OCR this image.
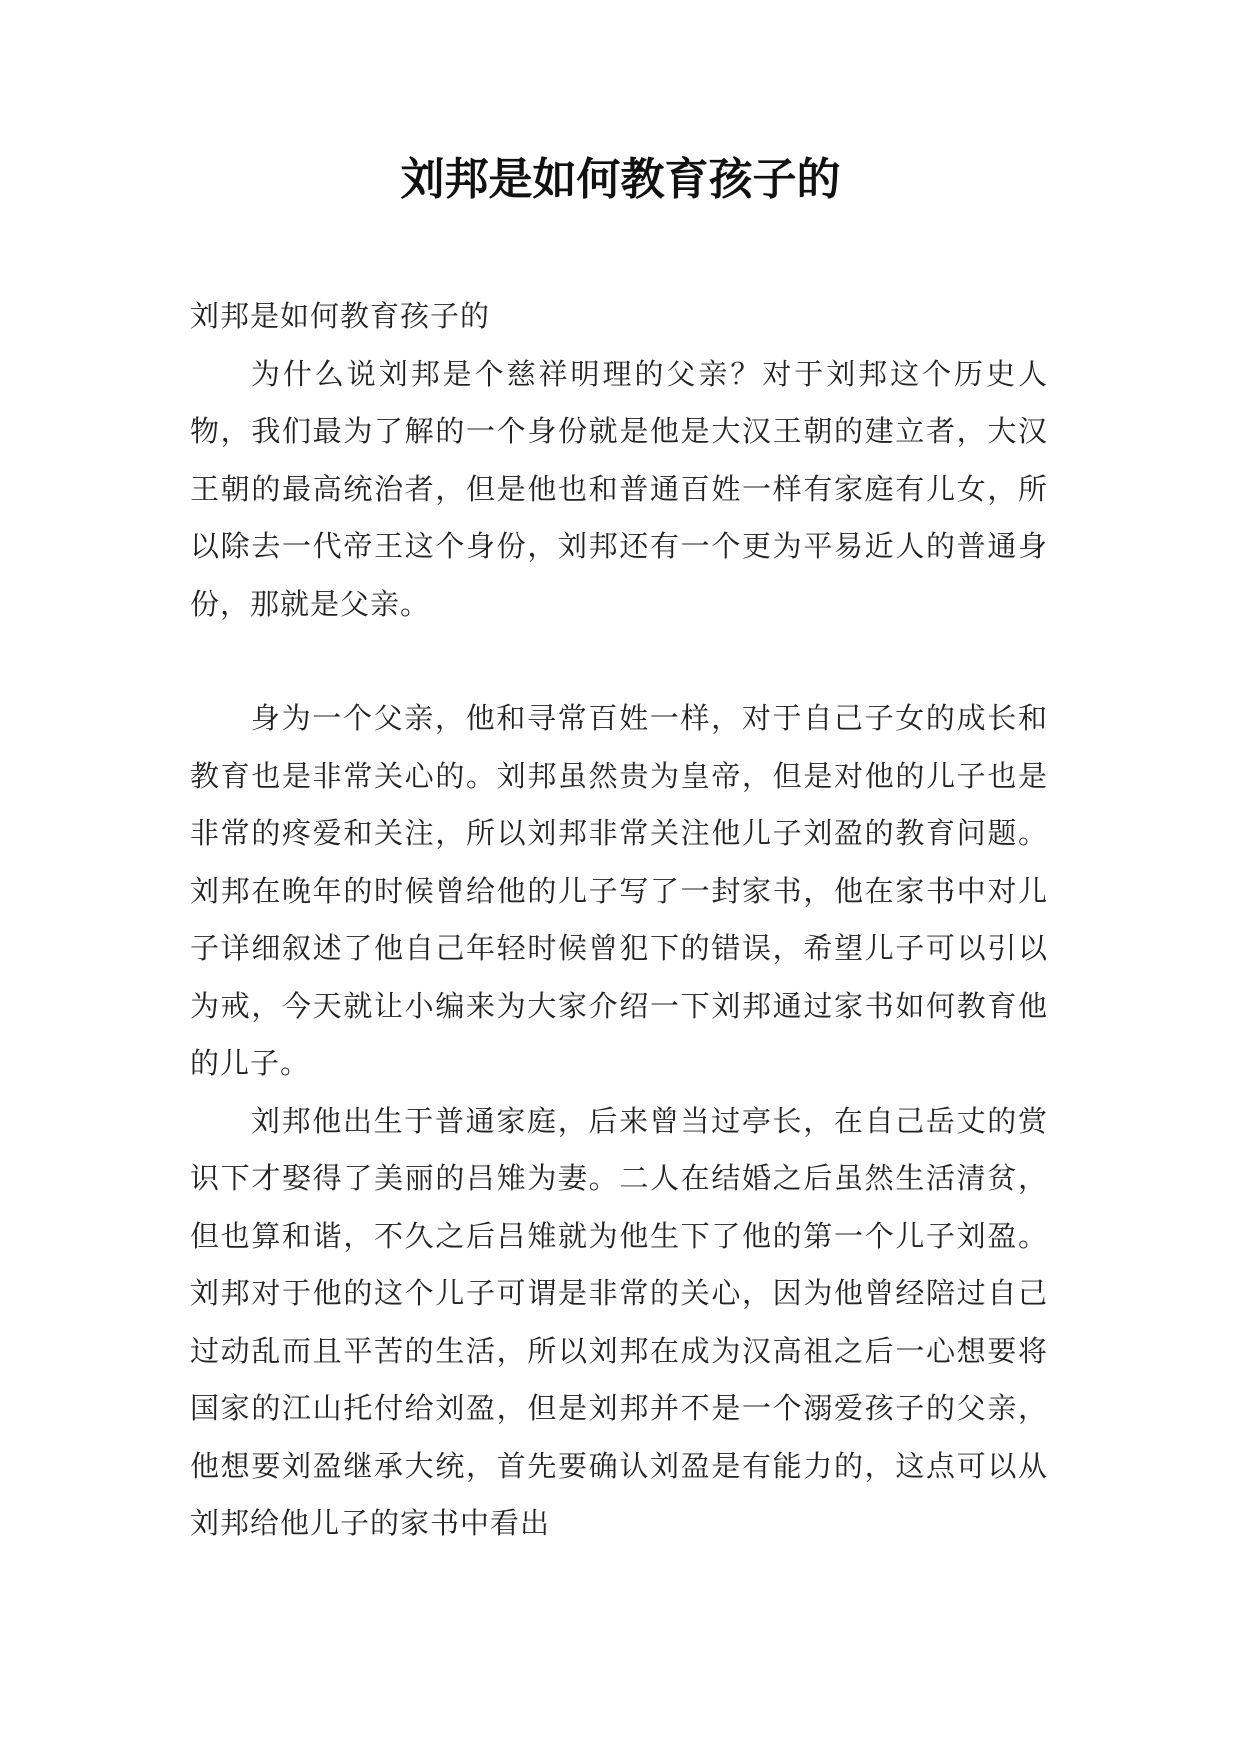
刘邦是如何教育孩子的

刘邦是如何教育孩子的

为什么说刘邦是个慈祥明理的父亲？对于刘邦这个历史人物，我们最为了解的一个身份就是他是大汉王朝的建立者，大汉王朝的最高统治者，但是他也和普通百姓一样有家庭有儿女，所以除去一代帝王这个身份，刘邦还有一个更为平易近人的普通身份，那就是父亲。

身为一个父亲，他和寻常百姓一样，对于自己子女的成长和教育也是非常关心的。刘邦虽然贵为皇帝，但是对他的儿子也是非常的疼爱和关注，所以刘邦非常关注他儿子刘盈的教育问题。刘邦在晚年的时候曾给他的儿子写了一封家书，他在家书中对儿子详细叙述了他自己年轻时候曾犯下的错误，希望儿子可以引以为戒，今天就让小编来为大家介绍一下刘邦通过家书如何教育他的儿子。

刘邦他出生于普通家庭，后来曾当过亭长，在自己岳丈的赏识下才娶得了美丽的吕雉为妻。二人在结婚之后虽然生活清贫，但也算和谐，不久之后吕雉就为他生下了他的第一个儿子刘盈。刘邦对于他的这个儿子可谓是非常的关心，因为他曾经陪过自己过动乱而且平苦的生活，所以刘邦在成为汉高祖之后一心想要将国家的江山托付给刘盈，但是刘邦并不是一个溺爱孩子的父亲，他想要刘盈继承大统，首先要确认刘盈是有能力的，这点可以从刘邦给他儿子的家书中看出
